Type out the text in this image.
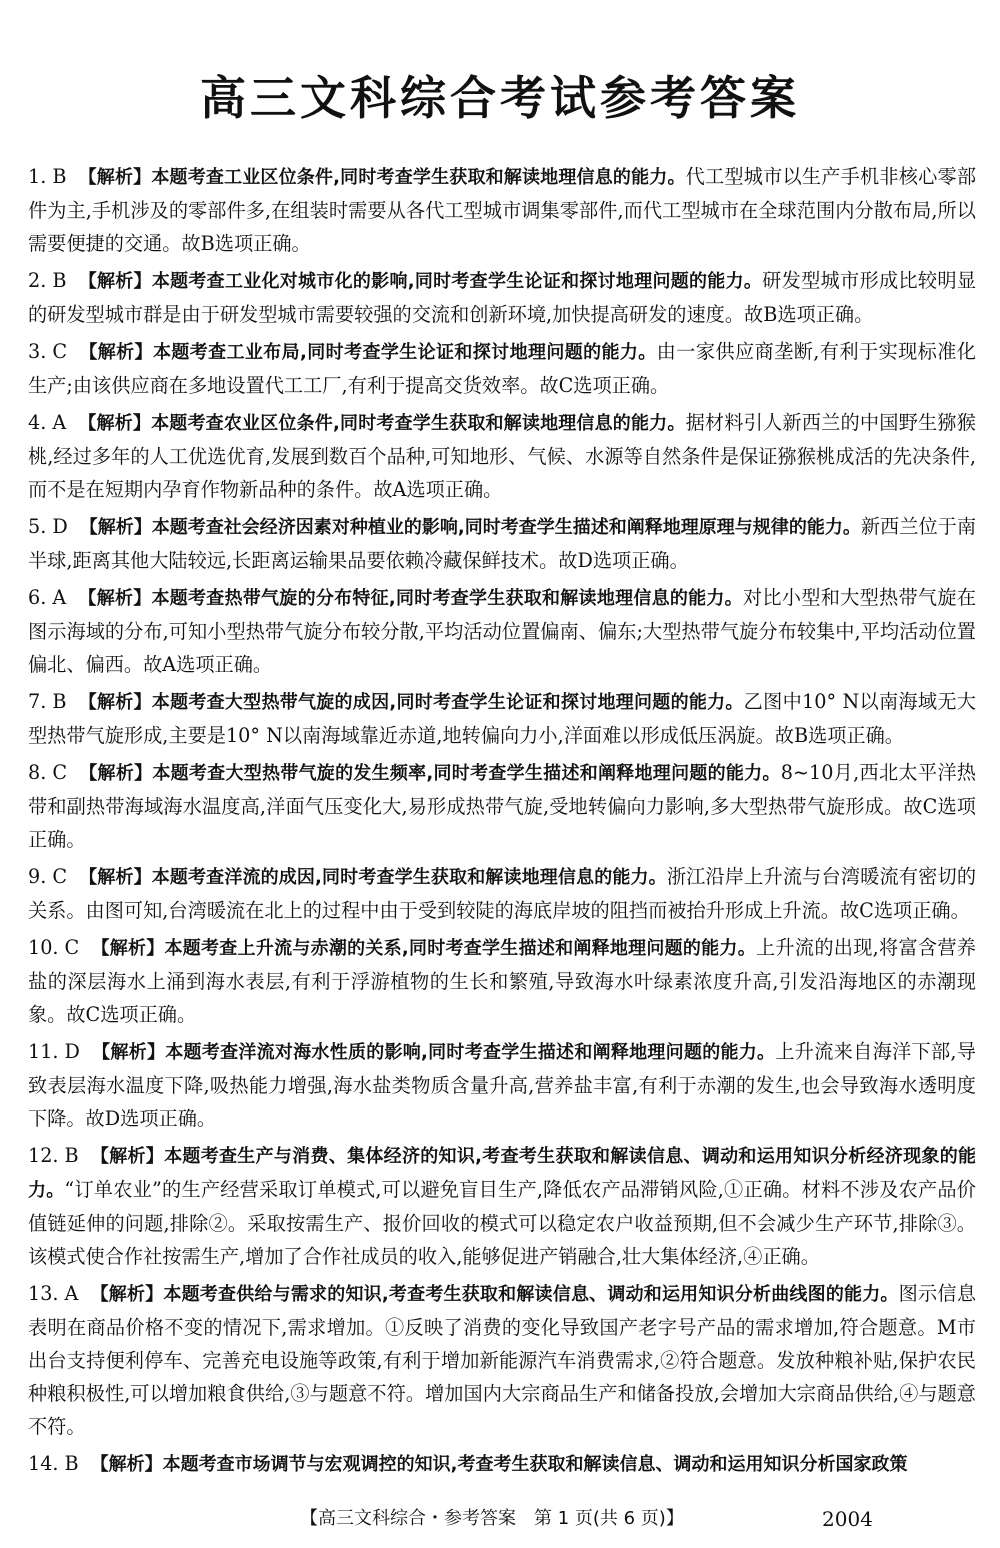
高三文科综合考试参考答案
1. B 【解析】本题考查工业区位条件,同时考查学生获取和解读地理信息的能力。代工型城市以生产手机非核心零部件为主,手机涉及的零部件多,在组装时需要从各代工型城市调集零部件,而代工型城市在全球范围内分散布局,所以需要便捷的交通。故B选项正确。
2. B 【解析】本题考查工业化对城市化的影响,同时考查学生论证和探讨地理问题的能力。研发型城市形成比较明显的研发型城市群是由于研发型城市需要较强的交流和创新环境,加快提高研发的速度。故B选项正确。
3. C 【解析】本题考查工业布局,同时考查学生论证和探讨地理问题的能力。由一家供应商垄断,有利于实现标准化生产;由该供应商在多地设置代工工厂,有利于提高交货效率。故C选项正确。
4. A 【解析】本题考查农业区位条件,同时考查学生获取和解读地理信息的能力。据材料引人新西兰的中国野生猕猴桃,经过多年的人工优选优育,发展到数百个品种,可知地形、气候、水源等自然条件是保证猕猴桃成活的先决条件,而不是在短期内孕育作物新品种的条件。故A选项正确。
5. D 【解析】本题考查社会经济因素对种植业的影响,同时考查学生描述和阐释地理原理与规律的能力。新西兰位于南半球,距离其他大陆较远,长距离运输果品要依赖冷藏保鲜技术。故D选项正确。
6. A 【解析】本题考查热带气旋的分布特征,同时考查学生获取和解读地理信息的能力。对比小型和大型热带气旋在图示海域的分布,可知小型热带气旋分布较分散,平均活动位置偏南、偏东;大型热带气旋分布较集中,平均活动位置偏北、偏西。故A选项正确。
7. B 【解析】本题考查大型热带气旋的成因,同时考查学生论证和探讨地理问题的能力。乙图中10° N以南海域无大型热带气旋形成,主要是10° N以南海域靠近赤道,地转偏向力小,洋面难以形成低压涡旋。故B选项正确。
8. C 【解析】本题考查大型热带气旋的发生频率,同时考查学生描述和阐释地理问题的能力。8~10月,西北太平洋热带和副热带海域海水温度高,洋面气压变化大,易形成热带气旋,受地转偏向力影响,多大型热带气旋形成。故C选项正确。
9. C 【解析】本题考查洋流的成因,同时考查学生获取和解读地理信息的能力。浙江沿岸上升流与台湾暖流有密切的关系。由图可知,台湾暖流在北上的过程中由于受到较陡的海底岸坡的阻挡而被抬升形成上升流。故C选项正确。
10. C 【解析】本题考查上升流与赤潮的关系,同时考查学生描述和阐释地理问题的能力。上升流的出现,将富含营养盐的深层海水上涌到海水表层,有利于浮游植物的生长和繁殖,导致海水叶绿素浓度升高,引发沿海地区的赤潮现象。故C选项正确。
11. D 【解析】本题考查洋流对海水性质的影响,同时考查学生描述和阐释地理问题的能力。上升流来自海洋下部,导致表层海水温度下降,吸热能力增强,海水盐类物质含量升高,营养盐丰富,有利于赤潮的发生,也会导致海水透明度下降。故D选项正确。
12. B 【解析】本题考查生产与消费、集体经济的知识,考查考生获取和解读信息、调动和运用知识分析经济现象的能力。“订单农业”的生产经营采取订单模式,可以避免盲目生产,降低农产品滞销风险,①正确。材料不涉及农产品价值链延伸的问题,排除②。采取按需生产、报价回收的模式可以稳定农户收益预期,但不会减少生产环节,排除③。该模式使合作社按需生产,增加了合作社成员的收入,能够促进产销融合,壮大集体经济,④正确。
13. A 【解析】本题考查供给与需求的知识,考查考生获取和解读信息、调动和运用知识分析曲线图的能力。图示信息表明在商品价格不变的情况下,需求增加。①反映了消费的变化导致国产老字号产品的需求增加,符合题意。M市出台支持便利停车、完善充电设施等政策,有利于增加新能源汽车消费需求,②符合题意。发放种粮补贴,保护农民种粮积极性,可以增加粮食供给,③与题意不符。增加国内大宗商品生产和储备投放,会增加大宗商品供给,④与题意不符。
14. B 【解析】本题考查市场调节与宏观调控的知识,考查考生获取和解读信息、调动和运用知识分析国家政策
【高三文科综合・参考答案　第 1 页(共 6 页)】	2004
